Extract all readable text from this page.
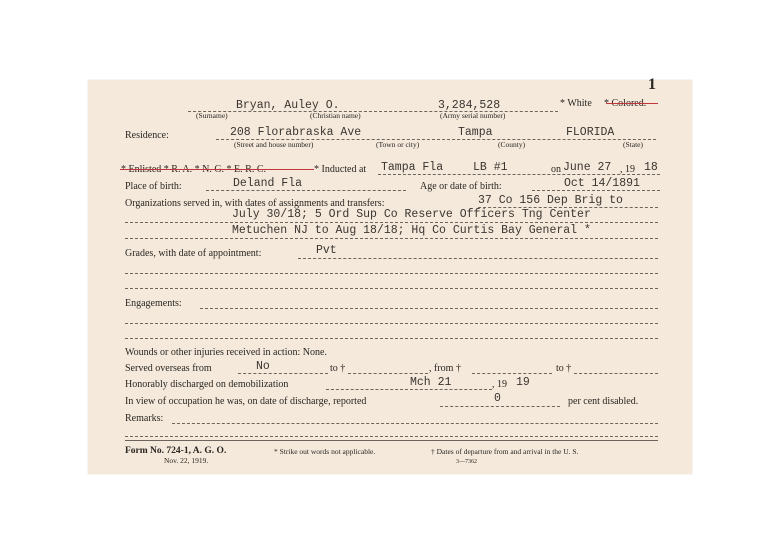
1
Bryan, Auley O.	3,284,528	* White * Colored.
(Surname)	(Christian name)	(Army serial number)
Residence:	208 Florabraska Ave	Tampa	FLORIDA
(Street and house number)	(Town or city)	(County)	(State)
* Enlisted * R. A. * N. G. * E. R. C.	* Inducted at Tampa Fla	LB #1	on June 27 , 19 18
Place of birth:	Deland Fla	Age or date of birth:	Oct 14/1891
Organizations served in, with dates of assignments and transfers:	37 Co 156 Dep Brig to
July 30/18; 5 Ord Sup Co Reserve Officers Tng Center
Metuchen NJ to Aug 18/18; Hq Co Curtis Bay General *
Grades, with date of appointment:	Pvt
Engagements:
Wounds or other injuries received in action: None.
Served overseas from	No	to †	, from †	to †
Honorably discharged on demobilization	Mch 21	, 19 19
In view of occupation he was, on date of discharge, reported	0	per cent disabled.
Remarks:
Form No. 724-1, A. G. O.
Nov. 22, 1919.
* Strike out words not applicable.	† Dates of departure from and arrival in the U. S.
3—7362
